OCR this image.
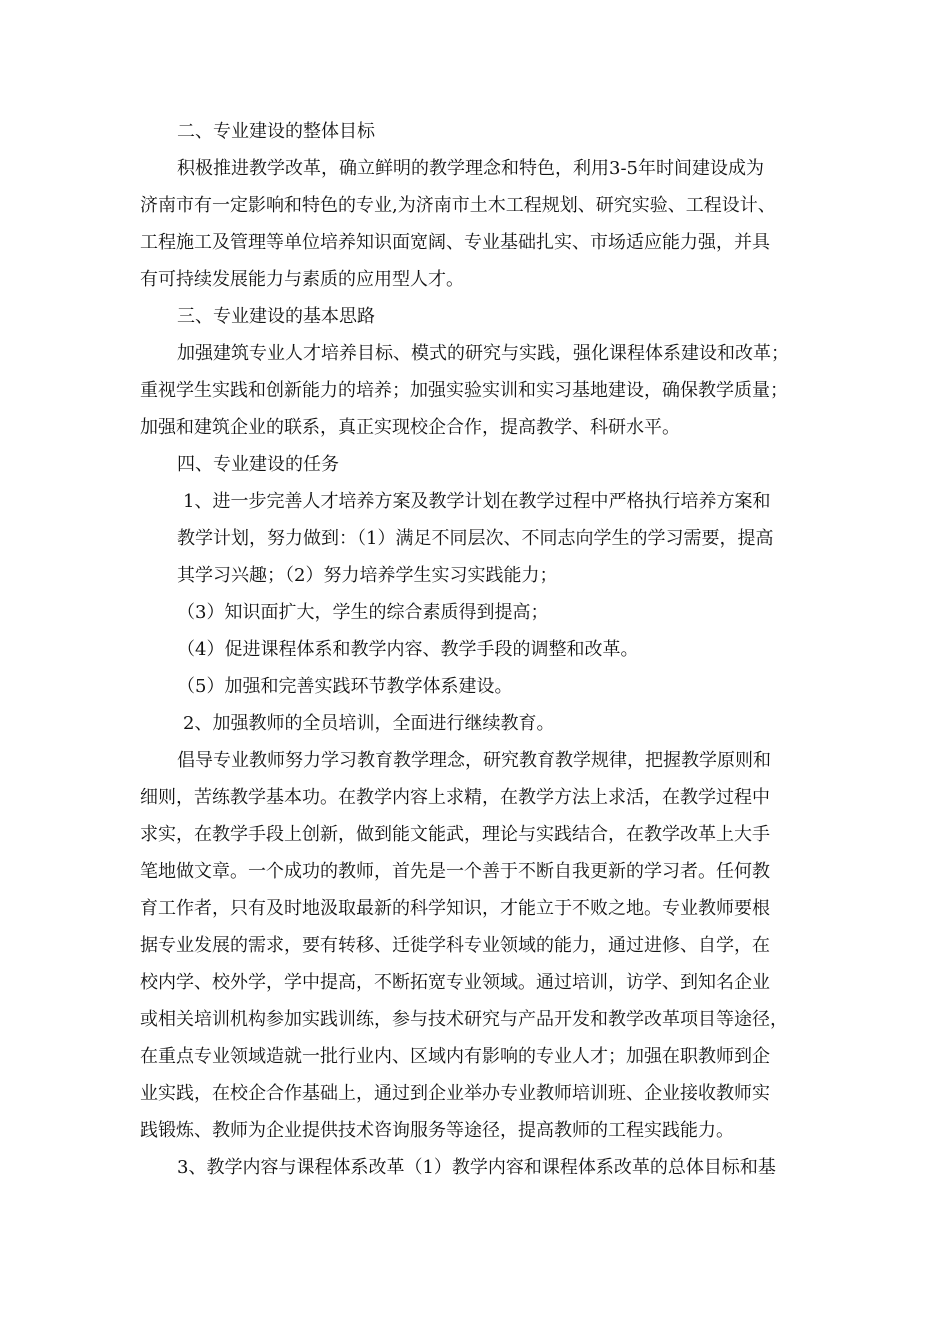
二、专业建设的整体目标
积极推进教学改革，确立鲜明的教学理念和特色，利用3-5年时间建设成为
济南市有一定影响和特色的专业,为济南市土木工程规划、研究实验、工程设计、
工程施工及管理等单位培养知识面宽阔、专业基础扎实、市场适应能力强，并具
有可持续发展能力与素质的应用型人才。
三、专业建设的基本思路
加强建筑专业人才培养目标、模式的研究与实践，强化课程体系建设和改革；
重视学生实践和创新能力的培养；加强实验实训和实习基地建设，确保教学质量；
加强和建筑企业的联系，真正实现校企合作，提高教学、科研水平。
四、专业建设的任务
1、进一步完善人才培养方案及教学计划在教学过程中严格执行培养方案和
教学计划，努力做到：（1）满足不同层次、不同志向学生的学习需要，提高
其学习兴趣；（2）努力培养学生实习实践能力；
（3）知识面扩大，学生的综合素质得到提高；
（4）促进课程体系和教学内容、教学手段的调整和改革。
（5）加强和完善实践环节教学体系建设。
2、加强教师的全员培训，全面进行继续教育。
倡导专业教师努力学习教育教学理念，研究教育教学规律，把握教学原则和
细则，苦练教学基本功。在教学内容上求精，在教学方法上求活，在教学过程中
求实，在教学手段上创新，做到能文能武，理论与实践结合，在教学改革上大手
笔地做文章。一个成功的教师，首先是一个善于不断自我更新的学习者。任何教
育工作者，只有及时地汲取最新的科学知识，才能立于不败之地。专业教师要根
据专业发展的需求，要有转移、迁徙学科专业领域的能力，通过进修、自学，在
校内学、校外学，学中提高，不断拓宽专业领域。通过培训，访学、到知名企业
或相关培训机构参加实践训练，参与技术研究与产品开发和教学改革项目等途径，
在重点专业领域造就一批行业内、区域内有影响的专业人才；加强在职教师到企
业实践，在校企合作基础上，通过到企业举办专业教师培训班、企业接收教师实
践锻炼、教师为企业提供技术咨询服务等途径，提高教师的工程实践能力。
3、教学内容与课程体系改革（1）教学内容和课程体系改革的总体目标和基
